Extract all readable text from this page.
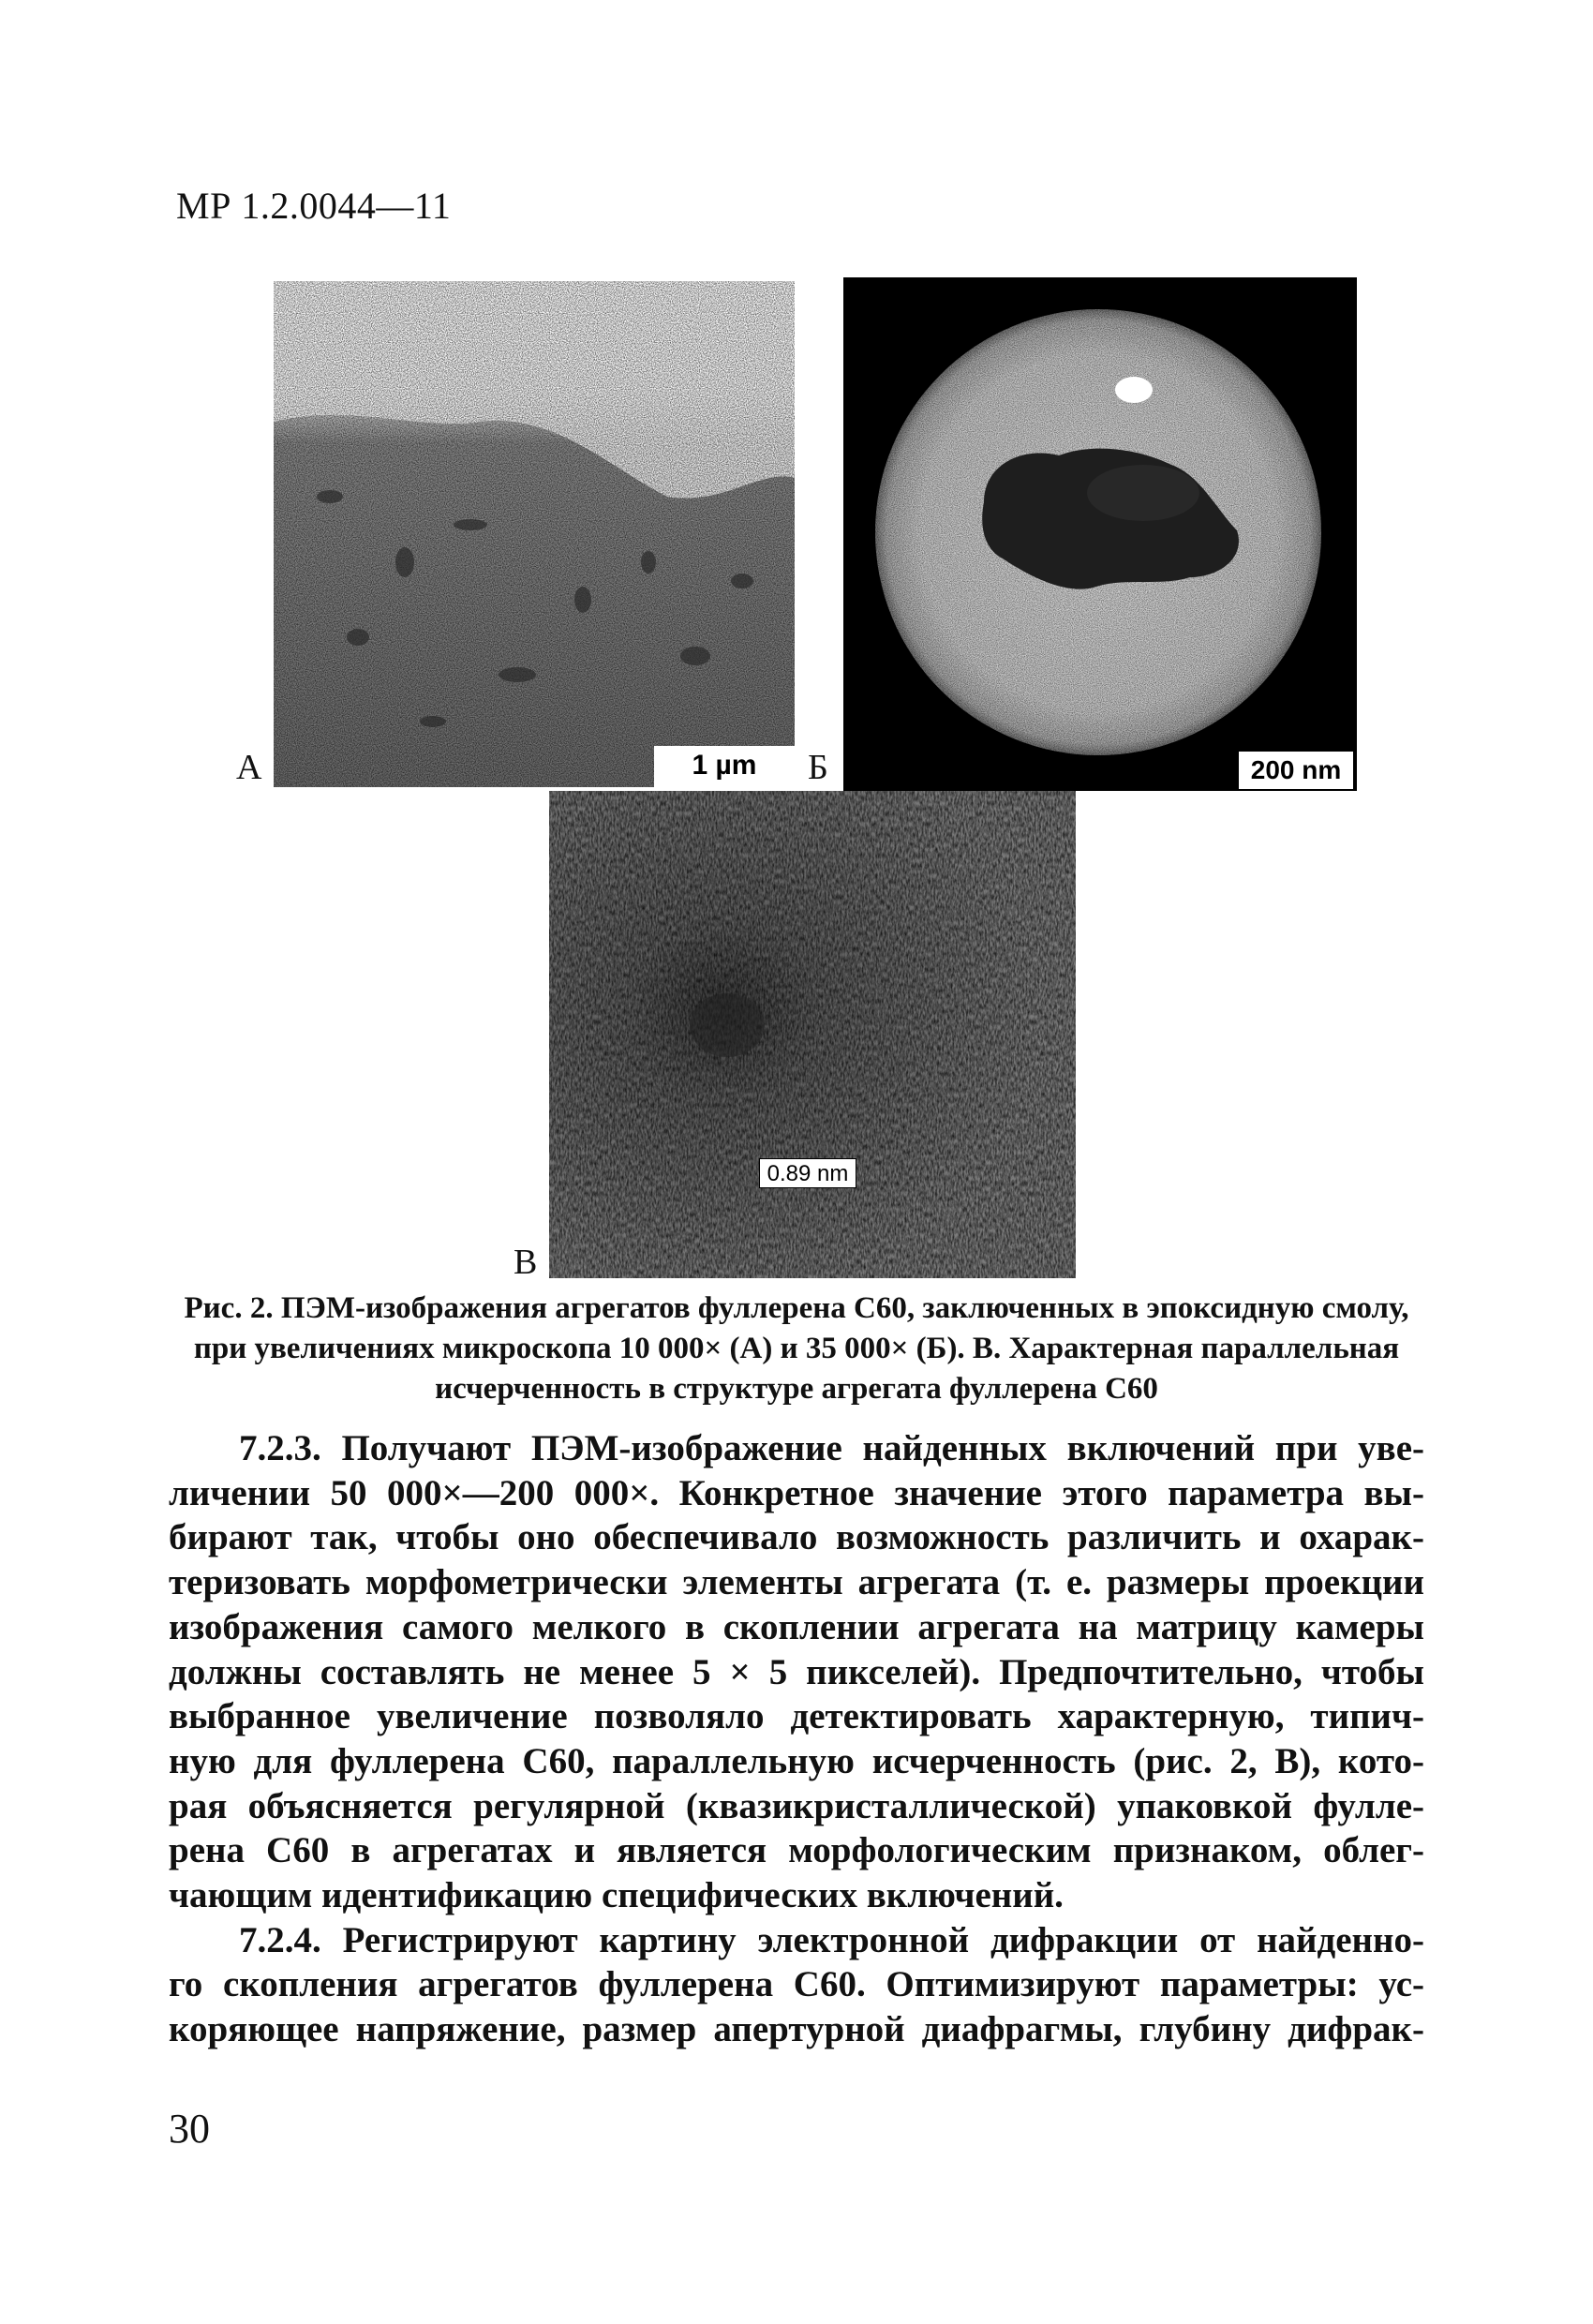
МР 1.2.0044—11
А	1 µm	Б	200 nm
В
0.89 nm
Рис. 2. ПЭМ-изображения агрегатов фуллерена С60, заключенных в эпоксидную смолу, при увеличениях микроскопа 10 000× (А) и 35 000× (Б). В. Характерная параллельная исчерченность в структуре агрегата фуллерена С60
7.2.3. Получают ПЭМ-изображение найденных включений при уве-
личении 50 000×—200 000×. Конкретное значение этого параметра вы-
бирают так, чтобы оно обеспечивало возможность различить и охарак-
теризовать морфометрически элементы агрегата (т. е. размеры проекции
изображения самого мелкого в скоплении агрегата на матрицу камеры
должны составлять не менее 5 × 5 пикселей). Предпочтительно, чтобы
выбранное увеличение позволяло детектировать характерную, типич-
ную для фуллерена С60, параллельную исчерченность (рис. 2, В), кото-
рая объясняется регулярной (квазикристаллической) упаковкой фулле-
рена С60 в агрегатах и является морфологическим признаком, облег-
чающим идентификацию специфических включений.
7.2.4. Регистрируют картину электронной дифракции от найденно-
го скопления агрегатов фуллерена С60. Оптимизируют параметры: ус-
коряющее напряжение, размер апертурной диафрагмы, глубину дифрак-
30
